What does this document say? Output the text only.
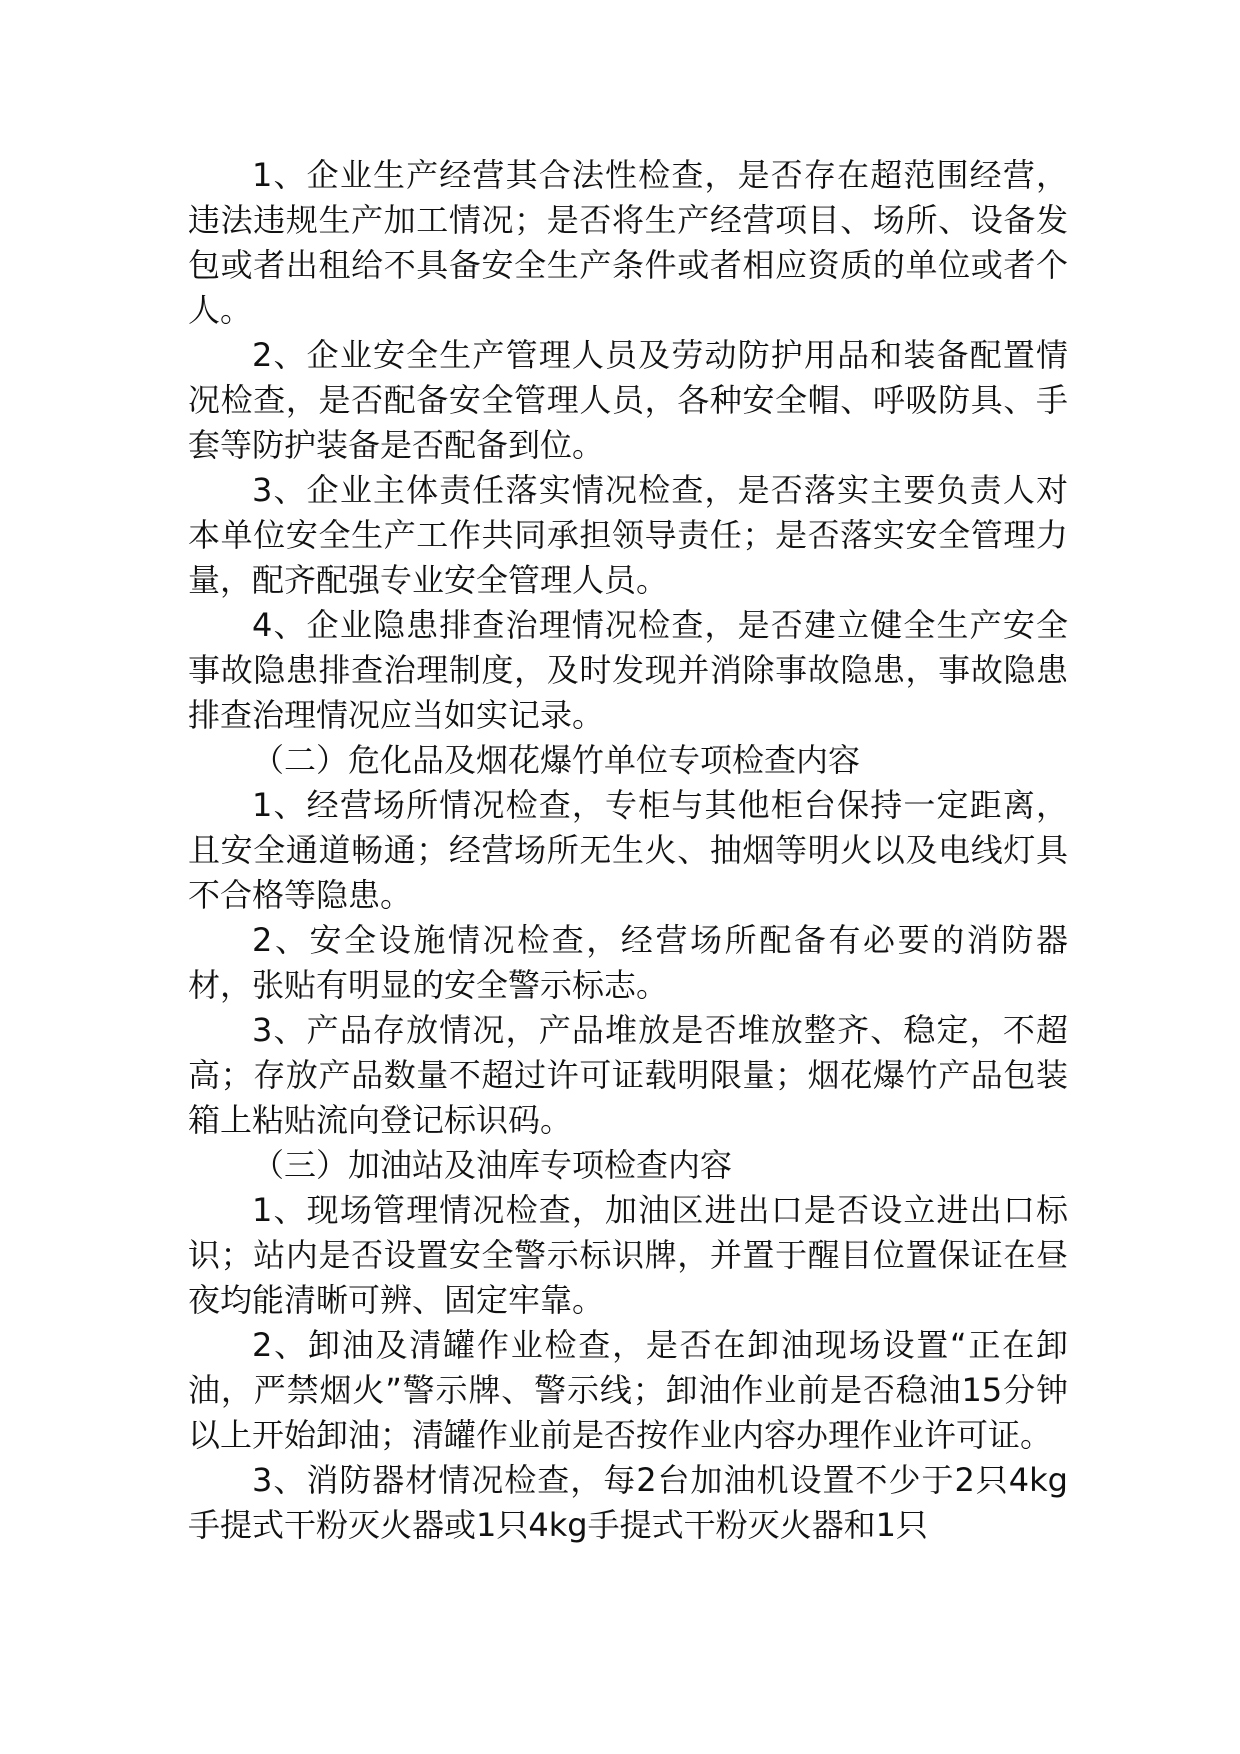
1、企业生产经营其合法性检查，是否存在超范围经营，违法违规生产加工情况；是否将生产经营项目、场所、设备发包或者出租给不具备安全生产条件或者相应资质的单位或者个人。

2、企业安全生产管理人员及劳动防护用品和装备配置情况检查，是否配备安全管理人员，各种安全帽、呼吸防具、手套等防护装备是否配备到位。

3、企业主体责任落实情况检查，是否落实主要负责人对本单位安全生产工作共同承担领导责任；是否落实安全管理力量，配齐配强专业安全管理人员。

4、企业隐患排查治理情况检查，是否建立健全生产安全事故隐患排查治理制度，及时发现并消除事故隐患，事故隐患排查治理情况应当如实记录。

（二）危化品及烟花爆竹单位专项检查内容

1、经营场所情况检查，专柜与其他柜台保持一定距离，且安全通道畅通；经营场所无生火、抽烟等明火以及电线灯具不合格等隐患。

2、安全设施情况检查，经营场所配备有必要的消防器材，张贴有明显的安全警示标志。

3、产品存放情况，产品堆放是否堆放整齐、稳定，不超高；存放产品数量不超过许可证载明限量；烟花爆竹产品包装箱上粘贴流向登记标识码。

（三）加油站及油库专项检查内容

1、现场管理情况检查，加油区进出口是否设立进出口标识；站内是否设置安全警示标识牌，并置于醒目位置保证在昼夜均能清晰可辨、固定牢靠。

2、卸油及清罐作业检查，是否在卸油现场设置“正在卸油，严禁烟火”警示牌、警示线；卸油作业前是否稳油15分钟以上开始卸油；清罐作业前是否按作业内容办理作业许可证。

3、消防器材情况检查，每2台加油机设置不少于2只4kg手提式干粉灭火器或1只4kg手提式干粉灭火器和1只
